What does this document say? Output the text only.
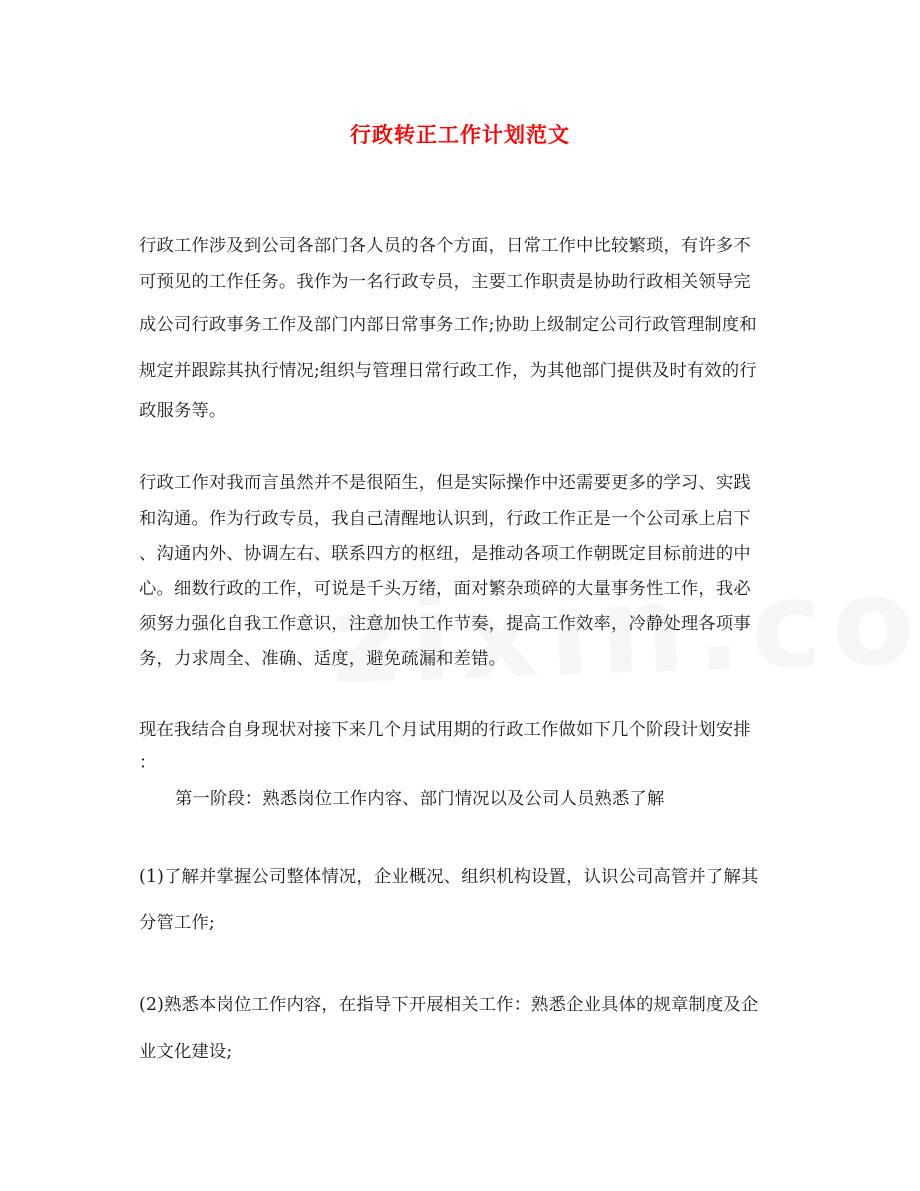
行政转正工作计划范文
行政工作涉及到公司各部门各人员的各个方面，日常工作中比较繁琐，有许多不
可预见的工作任务。我作为一名行政专员，主要工作职责是协助行政相关领导完
成公司行政事务工作及部门内部日常事务工作;协助上级制定公司行政管理制度和
规定并跟踪其执行情况;组织与管理日常行政工作，为其他部门提供及时有效的行
政服务等。
行政工作对我而言虽然并不是很陌生，但是实际操作中还需要更多的学习、实践
和沟通。作为行政专员，我自己清醒地认识到，行政工作正是一个公司承上启下
、沟通内外、协调左右、联系四方的枢纽，是推动各项工作朝既定目标前进的中
心。细数行政的工作，可说是千头万绪，面对繁杂琐碎的大量事务性工作，我必
须努力强化自我工作意识，注意加快工作节奏，提高工作效率，冷静处理各项事
务，力求周全、准确、适度，避免疏漏和差错。
现在我结合自身现状对接下来几个月试用期的行政工作做如下几个阶段计划安排
：
第一阶段：熟悉岗位工作内容、部门情况以及公司人员熟悉了解
(1)了解并掌握公司整体情况，企业概况、组织机构设置，认识公司高管并了解其
分管工作;
(2)熟悉本岗位工作内容，在指导下开展相关工作：熟悉企业具体的规章制度及企
业文化建设;
